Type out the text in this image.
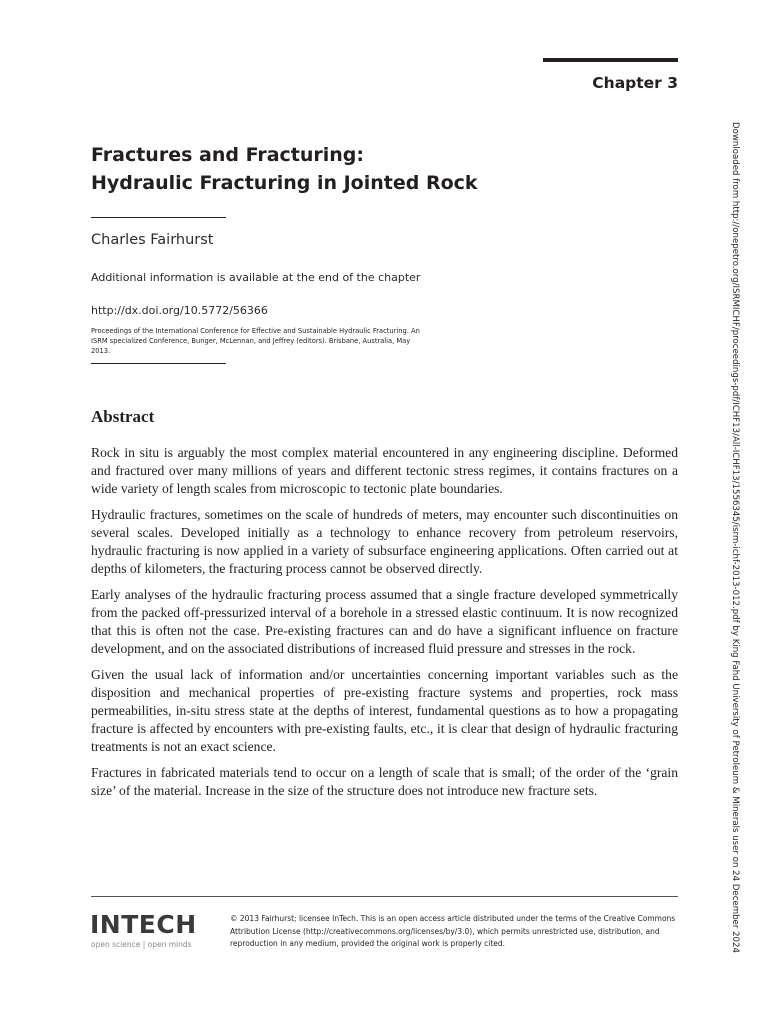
Chapter 3
Fractures and Fracturing:
Hydraulic Fracturing in Jointed Rock
Charles Fairhurst
Additional information is available at the end of the chapter
http://dx.doi.org/10.5772/56366
Proceedings of the International Conference for Effective and Sustainable Hydraulic Fracturing. An ISRM specialized Conference, Bunger, McLennan, and Jeffrey (editors). Brisbane, Australia, May 2013.
Abstract

Rock in situ is arguably the most complex material encountered in any engineering discipline. Deformed and fractured over many millions of years and different tectonic stress regimes, it contains fractures on a wide variety of length scales from microscopic to tectonic plate boundaries.

Hydraulic fractures, sometimes on the scale of hundreds of meters, may encounter such discontinuities on several scales. Developed initially as a technology to enhance recovery from petroleum reservoirs, hydraulic fracturing is now applied in a variety of subsurface engineering applications. Often carried out at depths of kilometers, the fracturing process cannot be observed directly.

Early analyses of the hydraulic fracturing process assumed that a single fracture developed symmetrically from the packed off-pressurized interval of a borehole in a stressed elastic continuum. It is now recognized that this is often not the case. Pre-existing fractures can and do have a significant influence on fracture development, and on the associated distributions of increased fluid pressure and stresses in the rock.

Given the usual lack of information and/or uncertainties concerning important variables such as the disposition and mechanical properties of pre-existing fracture systems and properties, rock mass permeabilities, in-situ stress state at the depths of interest, fundamental questions as to how a propagating fracture is affected by encounters with pre-existing faults, etc., it is clear that design of hydraulic fracturing treatments is not an exact science.

Fractures in fabricated materials tend to occur on a length of scale that is small; of the order of the ‘grain size’ of the material. Increase in the size of the structure does not introduce new fracture sets.

INTECH
open science | open minds
© 2013 Fairhurst; licensee InTech. This is an open access article distributed under the terms of the Creative Commons Attribution License (http://creativecommons.org/licenses/by/3.0), which permits unrestricted use, distribution, and reproduction in any medium, provided the original work is properly cited.	Downloaded from http://onepetro.org/ISRMICHF/proceedings-pdf/ICHF13/All-ICHF13/1556345/isrm-ichf-2013-012.pdf by King Fahd University of Petroleum & Minerals user on 24 December 2024
